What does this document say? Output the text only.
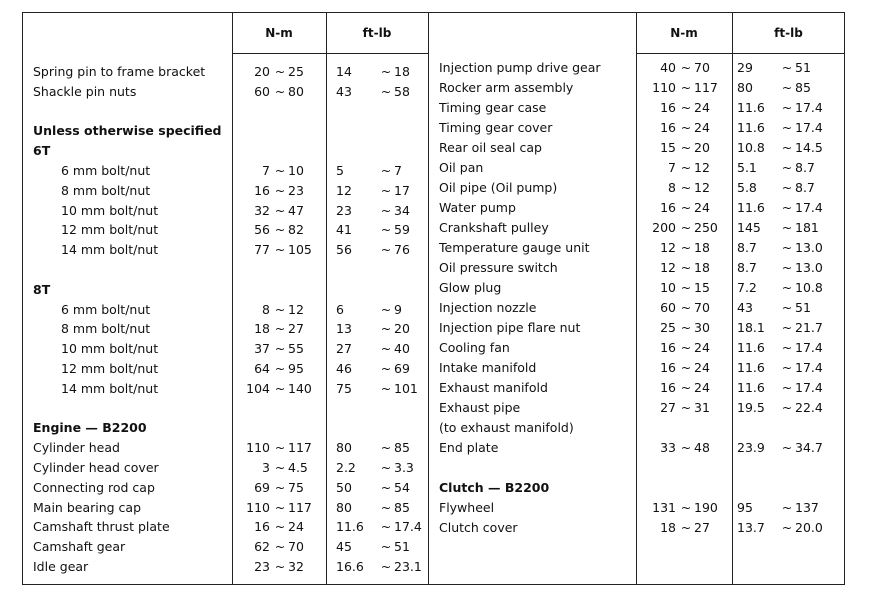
N-m	ft-lb	N-m	ft-lb
Spring pin to frame bracket	20 ~ 25	14	~ 18
Shackle pin nuts	60 ~ 80	43	~ 58
Unless otherwise specified
6T
6 mm bolt/nut	7 ~ 10	5	~ 7
8 mm bolt/nut	16 ~ 23	12	~ 17
10 mm bolt/nut	32 ~ 47	23	~ 34
12 mm bolt/nut	56 ~ 82	41	~ 59
14 mm bolt/nut	77 ~ 105	56	~ 76
8T
6 mm bolt/nut	8 ~ 12	6	~ 9
8 mm bolt/nut	18 ~ 27	13	~ 20
10 mm bolt/nut	37 ~ 55	27	~ 40
12 mm bolt/nut	64 ~ 95	46	~ 69
14 mm bolt/nut	104 ~ 140	75	~ 101
Engine — B2200
Cylinder head	110 ~ 117	80	~ 85
Cylinder head cover	3 ~ 4.5	2.2	~ 3.3
Connecting rod cap	69 ~ 75	50	~ 54
Main bearing cap	110 ~ 117	80	~ 85
Camshaft thrust plate	16 ~ 24	11.6	~ 17.4
Camshaft gear	62 ~ 70	45	~ 51
Idle gear	23 ~ 32	16.6	~ 23.1
Injection pump drive gear	40 ~ 70	29	~ 51
Rocker arm assembly	110 ~ 117	80	~ 85
Timing gear case	16 ~ 24	11.6	~ 17.4
Timing gear cover	16 ~ 24	11.6	~ 17.4
Rear oil seal cap	15 ~ 20	10.8	~ 14.5
Oil pan	7 ~ 12	5.1	~ 8.7
Oil pipe (Oil pump)	8 ~ 12	5.8	~ 8.7
Water pump	16 ~ 24	11.6	~ 17.4
Crankshaft pulley	200 ~ 250	145	~ 181
Temperature gauge unit	12 ~ 18	8.7	~ 13.0
Oil pressure switch	12 ~ 18	8.7	~ 13.0
Glow plug	10 ~ 15	7.2	~ 10.8
Injection nozzle	60 ~ 70	43	~ 51
Injection pipe flare nut	25 ~ 30	18.1	~ 21.7
Cooling fan	16 ~ 24	11.6	~ 17.4
Intake manifold	16 ~ 24	11.6	~ 17.4
Exhaust manifold	16 ~ 24	11.6	~ 17.4
Exhaust pipe	27 ~ 31	19.5	~ 22.4
(to exhaust manifold)
End plate	33 ~ 48	23.9	~ 34.7
Clutch — B2200
Flywheel	131 ~ 190	95	~ 137
Clutch cover	18 ~ 27	13.7	~ 20.0
